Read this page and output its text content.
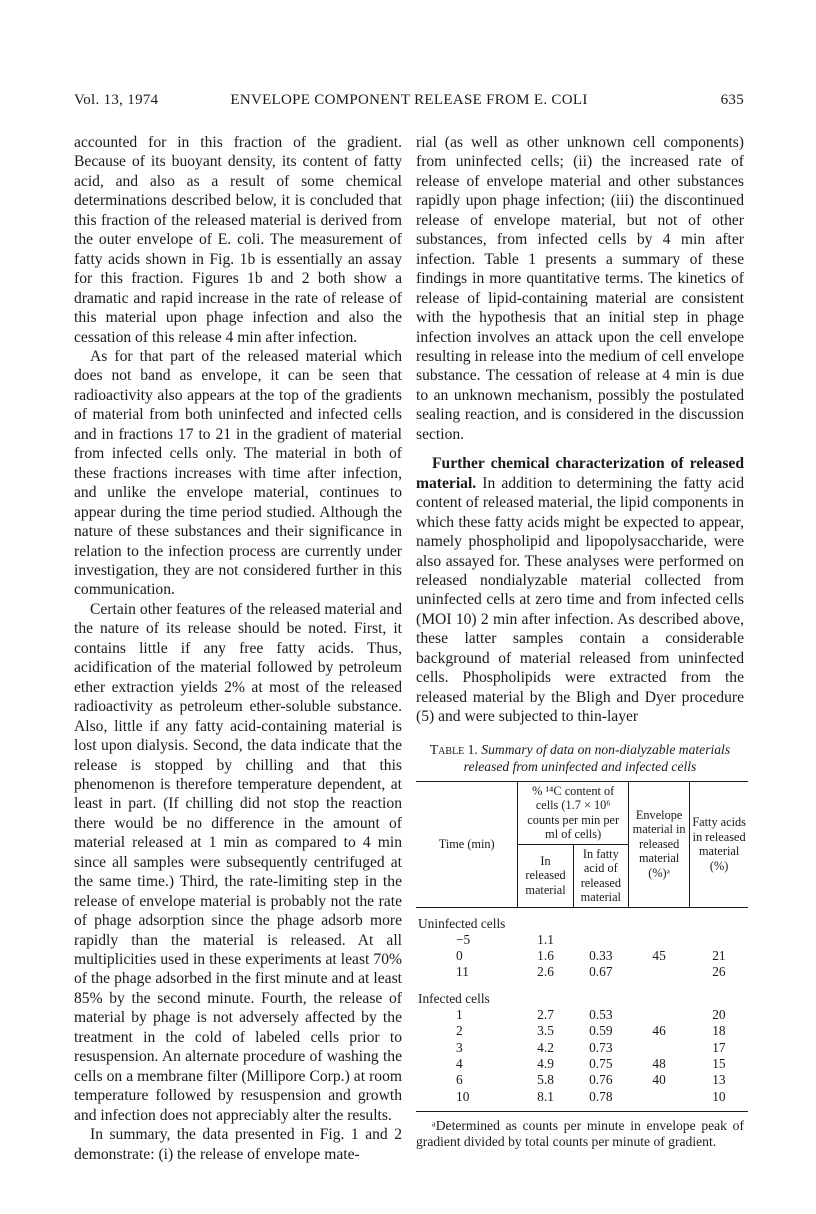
Vol. 13, 1974	ENVELOPE COMPONENT RELEASE FROM E. COLI	635

accounted for in this fraction of the gradient. Because of its buoyant density, its content of fatty acid, and also as a result of some chemical determinations described below, it is concluded that this fraction of the released material is derived from the outer envelope of E. coli. The measurement of fatty acids shown in Fig. 1b is essentially an assay for this fraction. Figures 1b and 2 both show a dramatic and rapid increase in the rate of release of this material upon phage infection and also the cessation of this release 4 min after infection.

As for that part of the released material which does not band as envelope, it can be seen that radioactivity also appears at the top of the gradients of material from both uninfected and infected cells and in fractions 17 to 21 in the gradient of material from infected cells only. The material in both of these fractions increases with time after infection, and unlike the envelope material, continues to appear during the time period studied. Although the nature of these substances and their significance in relation to the infection process are currently under investigation, they are not considered further in this communication.

Certain other features of the released material and the nature of its release should be noted. First, it contains little if any free fatty acids. Thus, acidification of the material followed by petroleum ether extraction yields 2% at most of the released radioactivity as petroleum ether-soluble substance. Also, little if any fatty acid-containing material is lost upon dialysis. Second, the data indicate that the release is stopped by chilling and that this phenomenon is therefore temperature dependent, at least in part. (If chilling did not stop the reaction there would be no difference in the amount of material released at 1 min as compared to 4 min since all samples were subsequently centrifuged at the same time.) Third, the rate-limiting step in the release of envelope material is probably not the rate of phage adsorption since the phage adsorb more rapidly than the material is released. At all multiplicities used in these experiments at least 70% of the phage adsorbed in the first minute and at least 85% by the second minute. Fourth, the release of material by phage is not adversely affected by the treatment in the cold of labeled cells prior to resuspension. An alternate procedure of washing the cells on a membrane filter (Millipore Corp.) at room temperature followed by resuspension and growth and infection does not appreciably alter the results.

In summary, the data presented in Fig. 1 and 2 demonstrate: (i) the release of envelope mate-

rial (as well as other unknown cell components) from uninfected cells; (ii) the increased rate of release of envelope material and other substances rapidly upon phage infection; (iii) the discontinued release of envelope material, but not of other substances, from infected cells by 4 min after infection. Table 1 presents a summary of these findings in more quantitative terms. The kinetics of release of lipid-containing material are consistent with the hypothesis that an initial step in phage infection involves an attack upon the cell envelope resulting in release into the medium of cell envelope substance. The cessation of release at 4 min is due to an unknown mechanism, possibly the postulated sealing reaction, and is considered in the discussion section.

Further chemical characterization of released material. In addition to determining the fatty acid content of released material, the lipid components in which these fatty acids might be expected to appear, namely phospholipid and lipopolysaccharide, were also assayed for. These analyses were performed on released nondialyzable material collected from uninfected cells at zero time and from infected cells (MOI 10) 2 min after infection. As described above, these latter samples contain a considerable background of material released from uninfected cells. Phospholipids were extracted from the released material by the Bligh and Dyer procedure (5) and were subjected to thin-layer

Table 1. Summary of data on non-dialyzable materials released from uninfected and infected cells
Time (min)	% ¹⁴C content of cells (1.7 × 10⁶ counts per min per ml of cells)		Envelope material in released material (%)ᵃ	Fatty acids in released material (%)
	In released material	In fatty acid of released material		
Uninfected cells				
−5	1.1			
0	1.6	0.33	45	21
11	2.6	0.67		26
Infected cells				
1	2.7	0.53		20
2	3.5	0.59	46	18
3	4.2	0.73		17
4	4.9	0.75	48	15
6	5.8	0.76	40	13
10	8.1	0.78		10
ᵃDetermined as counts per minute in envelope peak of gradient divided by total counts per minute of gradient.
